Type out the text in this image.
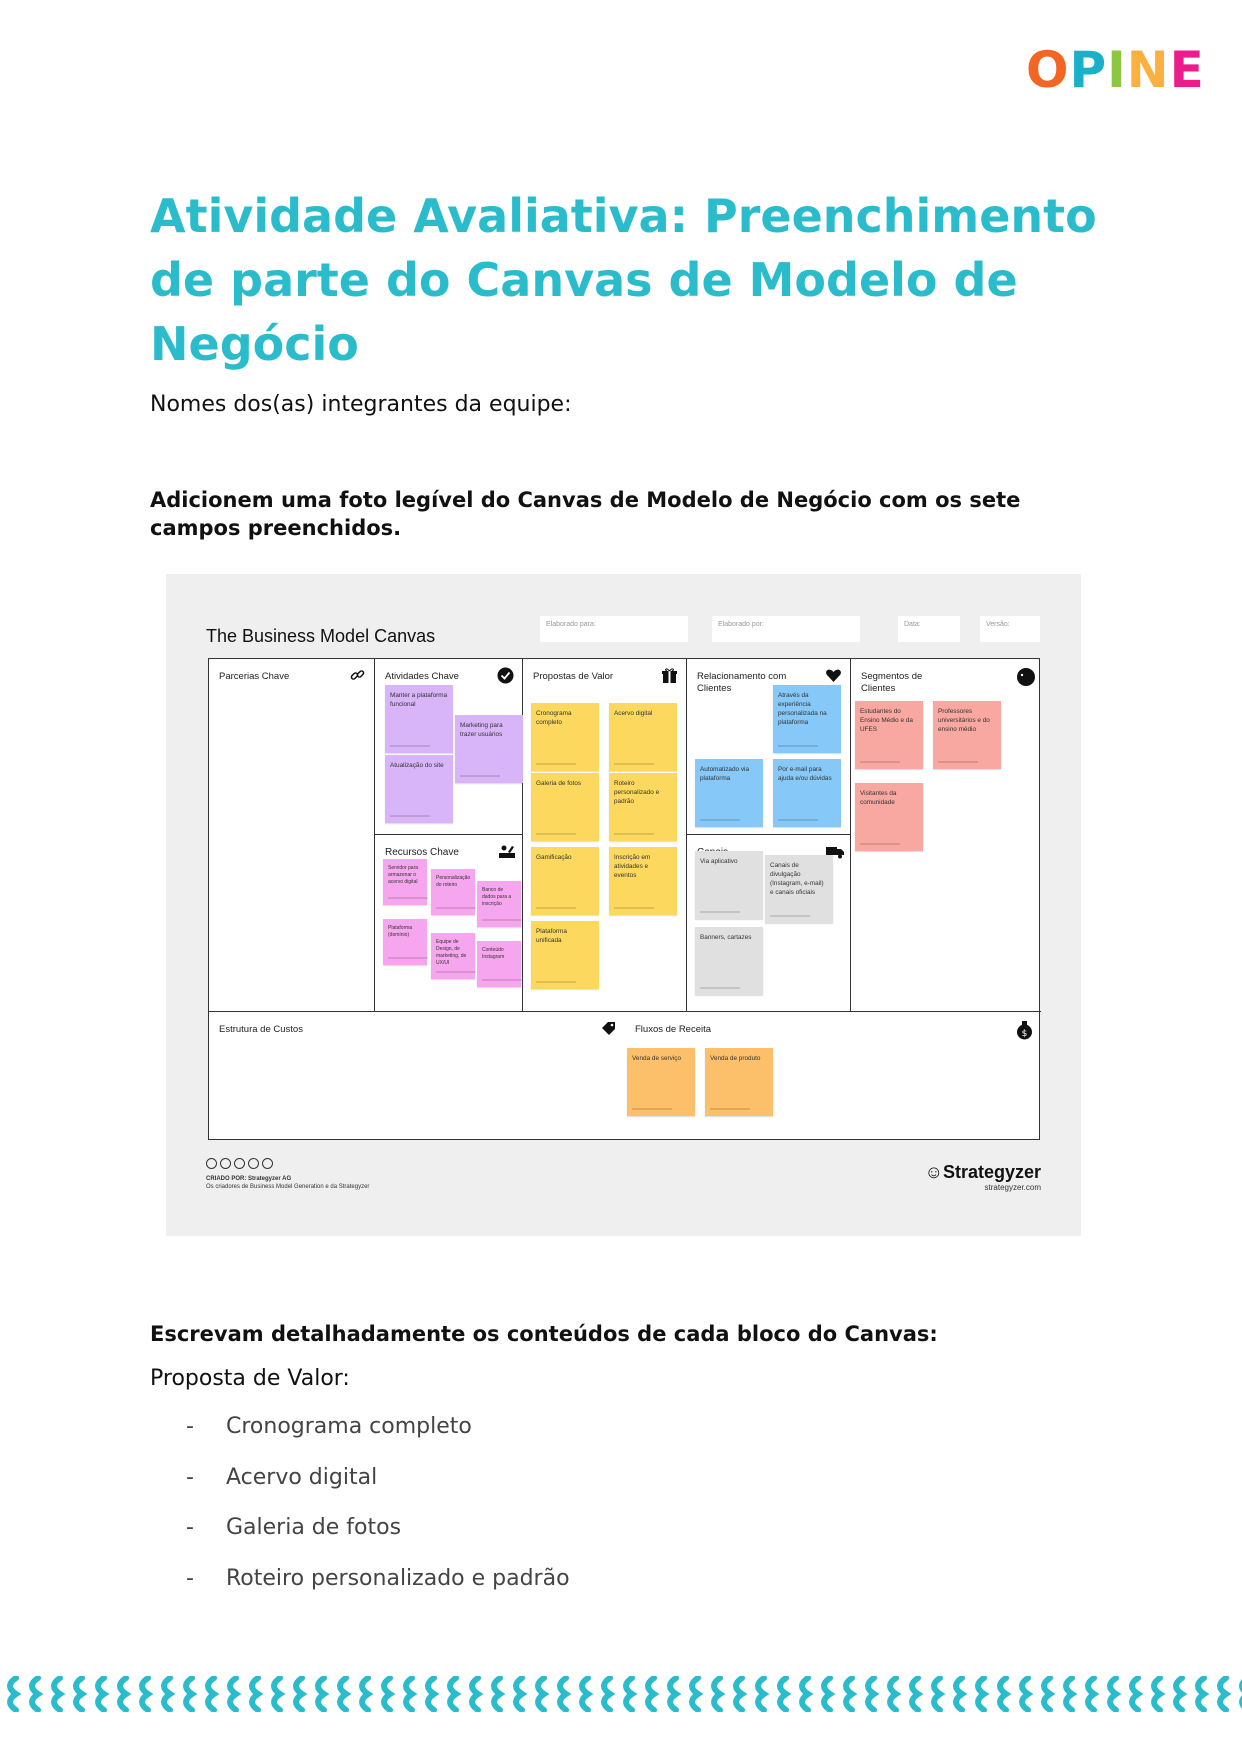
O P I N E
Atividade Avaliativa: Preenchimento de parte do Canvas de Modelo de Negócio

Nomes dos(as) integrantes da equipe:

Adicionem uma foto legível do Canvas de Modelo de Negócio com os sete campos preenchidos.

The Business Model Canvas
Elaborado para:	Elaborado por:	Data:	Versão:
Parcerias Chave	Atividades Chave
Manter a plataforma funcional
Marketing para trazer usuários
Atualização do site
Recursos Chave
Servidor para armazenar o acervo digital
Personalização do roteiro
Banco de dados para a inscrição
Plataforma (domínio)
Equipe de Design, de marketing, de UX/UI
Conteúdo Instagram
Propostas de Valor
Cronograma completo
Acervo digital
Galeria de fotos	Roteiro personalizado e padrão
Gamificação	Inscrição em atividades e eventos
Plataforma unificada
Relacionamento com Clientes
Através da experiência personalizada na plataforma
Automatizado via plataforma
Por e-mail para ajuda e/ou dúvidas
Via aplicativo
Canais de divulgação (Instagram, e-mail) e canais oficiais
Banners, cartazes
Segmentos de Clientes
Estudantes do Ensino Médio e da UFES
Professores universitários e do ensino médio
Visitantes da comunidade
Estrutura de Custos	Fluxos de Receita	$
Venda de serviço	Venda de produto
CRIADO POR: Strategyzer AG
Os criadores de Business Model Generation e da Strategyzer
☺Strategyzer
strategyzer.com

Escrevam detalhadamente os conteúdos de cada bloco do Canvas:

Proposta de Valor:

-	Cronograma completo
-	Acervo digital
-	Galeria de fotos
-	Roteiro personalizado e padrão
